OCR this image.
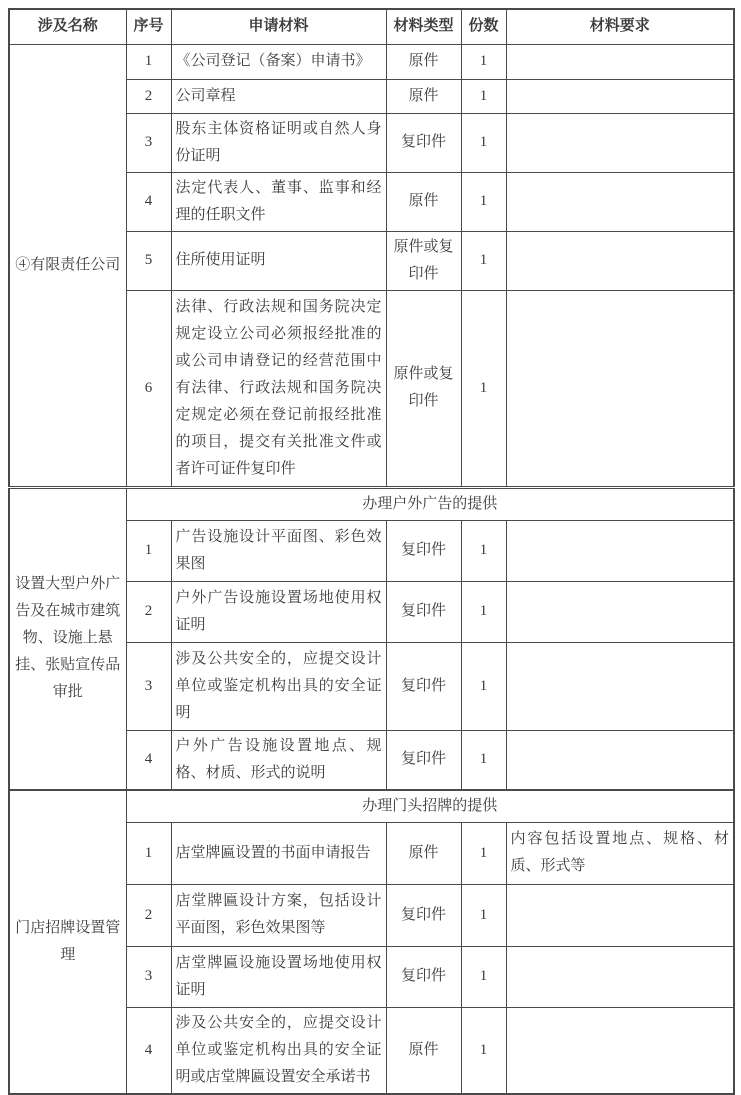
涉及名称	序号	申请材料	材料类型	份数	材料要求
④有限责任公司	1	《公司登记（备案）申请书》	原件	1	
	2	公司章程	原件	1	
	3	股东主体资格证明或自然人身份证明	复印件	1	
	4	法定代表人、董事、监事和经理的任职文件	原件	1	
	5	住所使用证明	原件或复印件	1	
	6	法律、行政法规和国务院决定规定设立公司必须报经批准的或公司申请登记的经营范围中有法律、行政法规和国务院决定规定必须在登记前报经批准的项目，提交有关批准文件或者许可证件复印件	原件或复印件	1	
设置大型户外广告及在城市建筑物、设施上悬挂、张贴宣传品审批	办理户外广告的提供				
	1	广告设施设计平面图、彩色效果图	复印件	1	
	2	户外广告设施设置场地使用权证明	复印件	1	
	3	涉及公共安全的，应提交设计单位或鉴定机构出具的安全证明	复印件	1	
	4	户外广告设施设置地点、规格、材质、形式的说明	复印件	1	
门店招牌设置管理	办理门头招牌的提供				
	1	店堂牌匾设置的书面申请报告	原件	1	内容包括设置地点、规格、材质、形式等
	2	店堂牌匾设计方案，包括设计平面图，彩色效果图等	复印件	1	
	3	店堂牌匾设施设置场地使用权证明	复印件	1	
	4	涉及公共安全的，应提交设计单位或鉴定机构出具的安全证明或店堂牌匾设置安全承诺书	原件	1	
